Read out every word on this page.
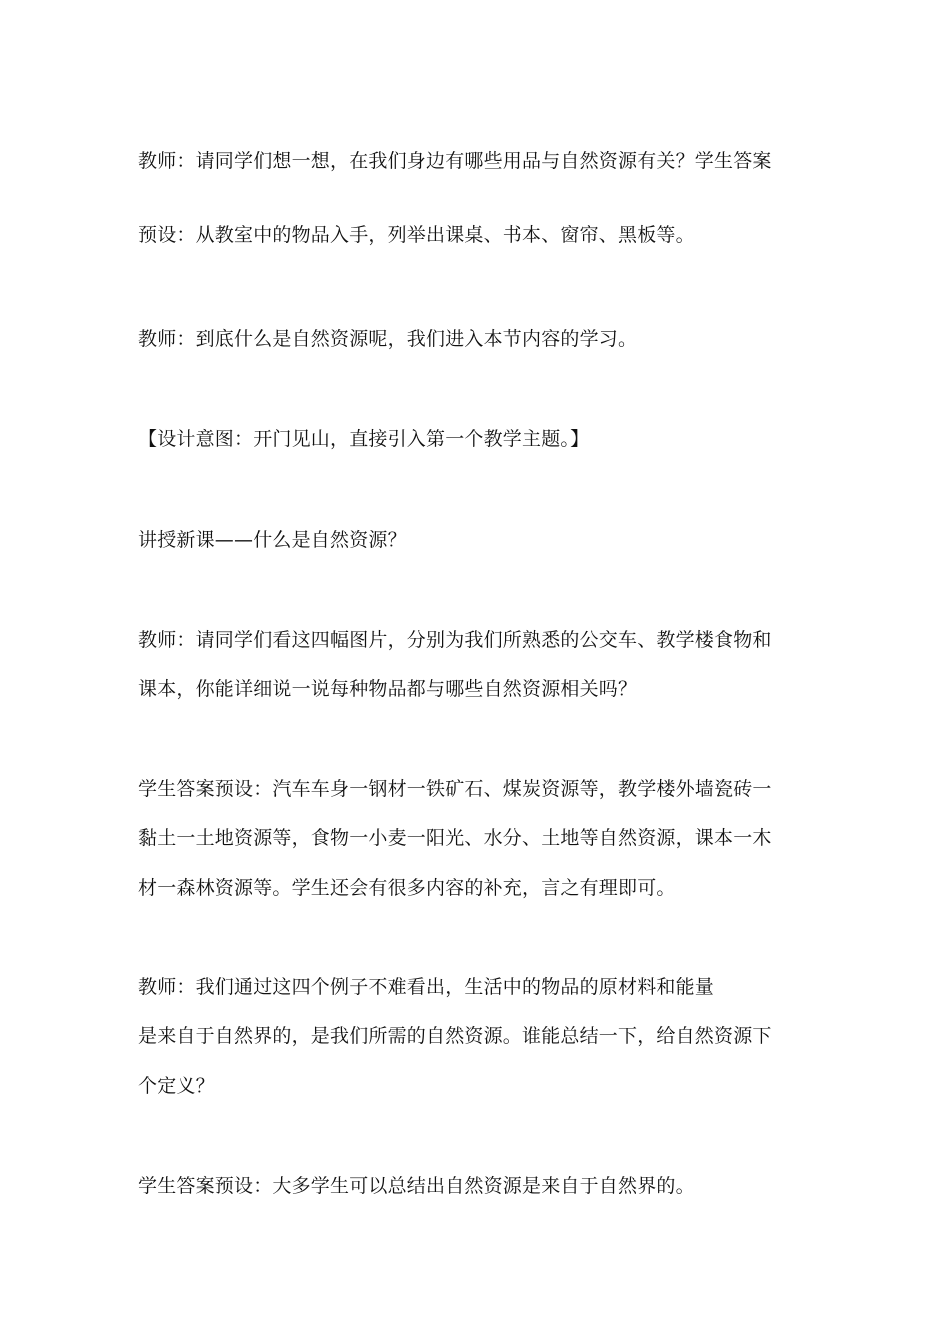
教师：请同学们想一想，在我们身边有哪些用品与自然资源有关？学生答案

预设：从教室中的物品入手，列举出课桌、书本、窗帘、黑板等。

教师：到底什么是自然资源呢，我们进入本节内容的学习。

【设计意图：开门见山，直接引入第一个教学主题。】

讲授新课——什么是自然资源？

教师：请同学们看这四幅图片，分别为我们所熟悉的公交车、教学楼食物和

课本，你能详细说一说每种物品都与哪些自然资源相关吗？

学生答案预设：汽车车身一钢材一铁矿石、煤炭资源等，教学楼外墙瓷砖一

黏土一土地资源等，食物一小麦一阳光、水分、土地等自然资源，课本一木

材一森林资源等。学生还会有很多内容的补充，言之有理即可。

教师：我们通过这四个例子不难看出，生活中的物品的原材料和能量

是来自于自然界的，是我们所需的自然资源。谁能总结一下，给自然资源下

个定义？

学生答案预设：大多学生可以总结出自然资源是来自于自然界的。
